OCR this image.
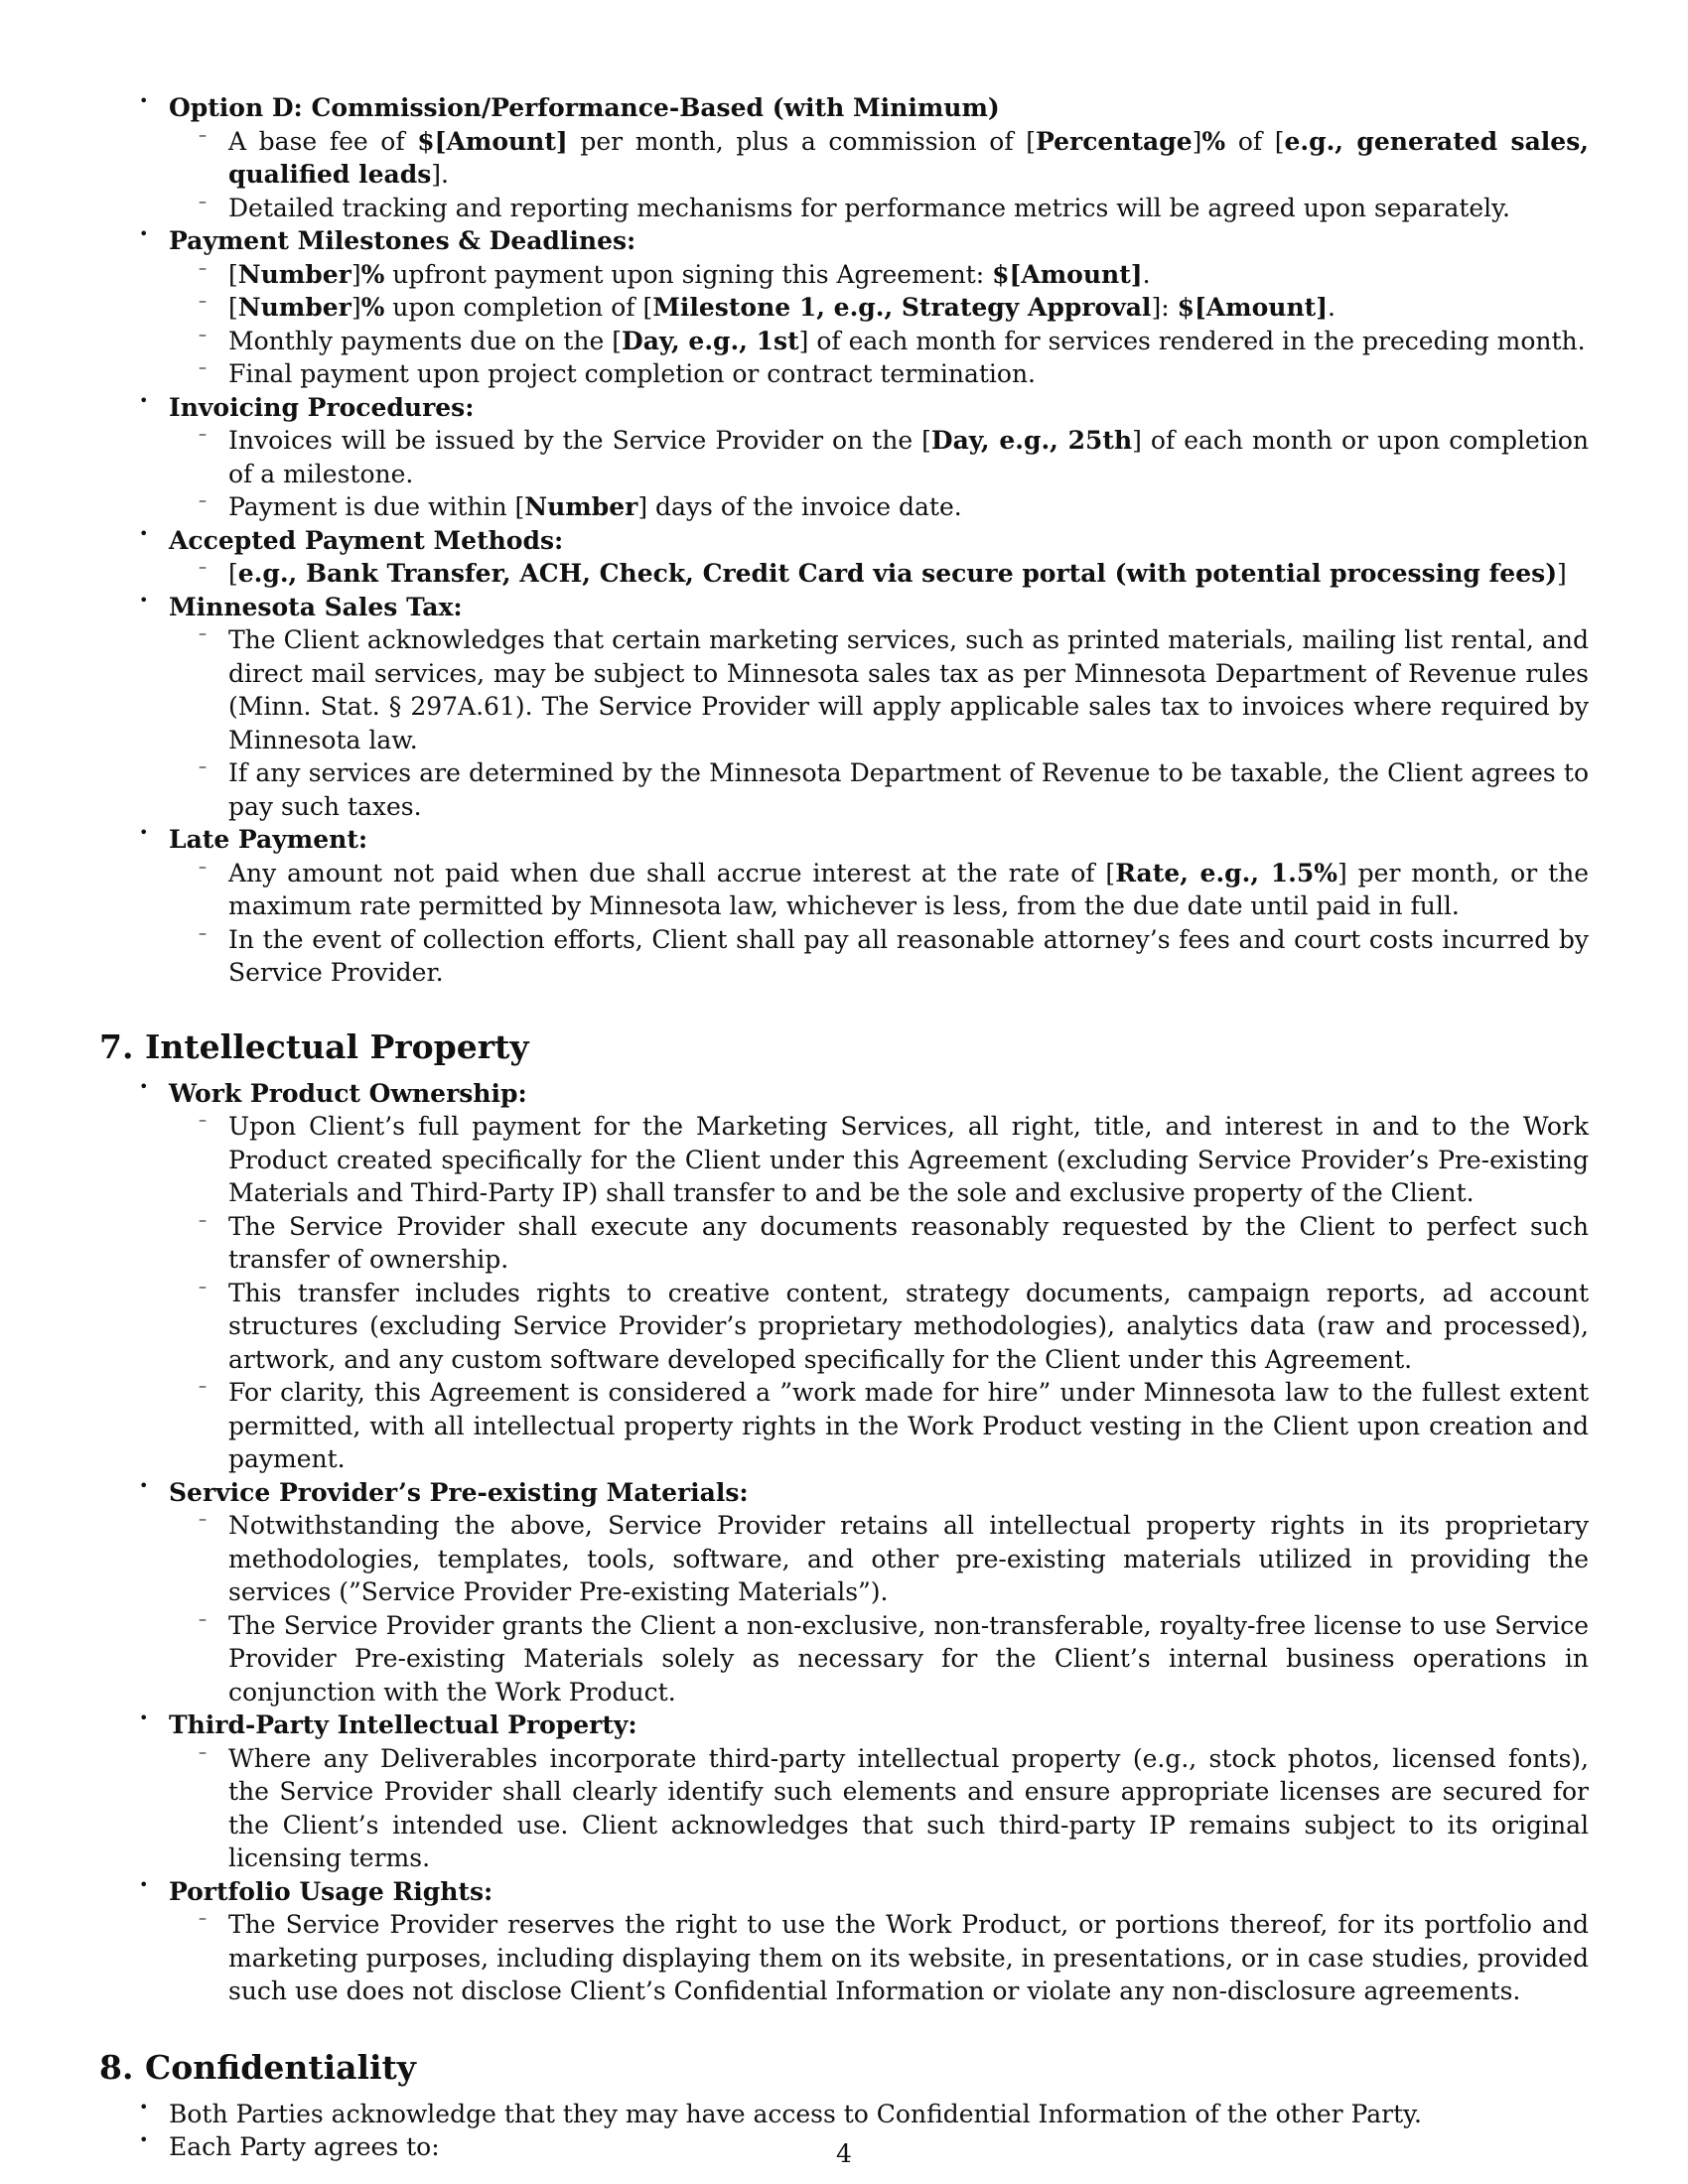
• Option D: Commission/Performance-Based (with Minimum)
– A base fee of $[Amount] per month, plus a commission of [Percentage]% of [e.g., generated sales, qualified leads].
– Detailed tracking and reporting mechanisms for performance metrics will be agreed upon separately.
• Payment Milestones & Deadlines:
– [Number]% upfront payment upon signing this Agreement: $[Amount].
– [Number]% upon completion of [Milestone 1, e.g., Strategy Approval]: $[Amount].
– Monthly payments due on the [Day, e.g., 1st] of each month for services rendered in the preceding month.
– Final payment upon project completion or contract termination.
• Invoicing Procedures:
– Invoices will be issued by the Service Provider on the [Day, e.g., 25th] of each month or upon completion of a milestone.
– Payment is due within [Number] days of the invoice date.
• Accepted Payment Methods:
– [e.g., Bank Transfer, ACH, Check, Credit Card via secure portal (with potential processing fees)]
• Minnesota Sales Tax:
– The Client acknowledges that certain marketing services, such as printed materials, mailing list rental, and direct mail services, may be subject to Minnesota sales tax as per Minnesota Department of Revenue rules (Minn. Stat. § 297A.61). The Service Provider will apply applicable sales tax to invoices where required by Minnesota law.
– If any services are determined by the Minnesota Department of Revenue to be taxable, the Client agrees to pay such taxes.
• Late Payment:
– Any amount not paid when due shall accrue interest at the rate of [Rate, e.g., 1.5%] per month, or the maximum rate permitted by Minnesota law, whichever is less, from the due date until paid in full.
– In the event of collection efforts, Client shall pay all reasonable attorney’s fees and court costs incurred by Service Provider.
7. Intellectual Property
• Work Product Ownership:
– Upon Client’s full payment for the Marketing Services, all right, title, and interest in and to the Work Product created specifically for the Client under this Agreement (excluding Service Provider’s Pre-existing Materials and Third-Party IP) shall transfer to and be the sole and exclusive property of the Client.
– The Service Provider shall execute any documents reasonably requested by the Client to perfect such transfer of ownership.
– This transfer includes rights to creative content, strategy documents, campaign reports, ad account structures (excluding Service Provider’s proprietary methodologies), analytics data (raw and processed), artwork, and any custom software developed specifically for the Client under this Agreement.
– For clarity, this Agreement is considered a ”work made for hire” under Minnesota law to the fullest extent permitted, with all intellectual property rights in the Work Product vesting in the Client upon creation and payment.
• Service Provider’s Pre-existing Materials:
– Notwithstanding the above, Service Provider retains all intellectual property rights in its proprietary methodologies, templates, tools, software, and other pre-existing materials utilized in providing the services (”Service Provider Pre-existing Materials”).
– The Service Provider grants the Client a non-exclusive, non-transferable, royalty-free license to use Service Provider Pre-existing Materials solely as necessary for the Client’s internal business operations in conjunction with the Work Product.
• Third-Party Intellectual Property:
– Where any Deliverables incorporate third-party intellectual property (e.g., stock photos, licensed fonts), the Service Provider shall clearly identify such elements and ensure appropriate licenses are secured for the Client’s intended use. Client acknowledges that such third-party IP remains subject to its original licensing terms.
• Portfolio Usage Rights:
– The Service Provider reserves the right to use the Work Product, or portions thereof, for its portfolio and marketing purposes, including displaying them on its website, in presentations, or in case studies, provided such use does not disclose Client’s Confidential Information or violate any non-disclosure agreements.
8. Confidentiality
• Both Parties acknowledge that they may have access to Confidential Information of the other Party.
• Each Party agrees to:	4
